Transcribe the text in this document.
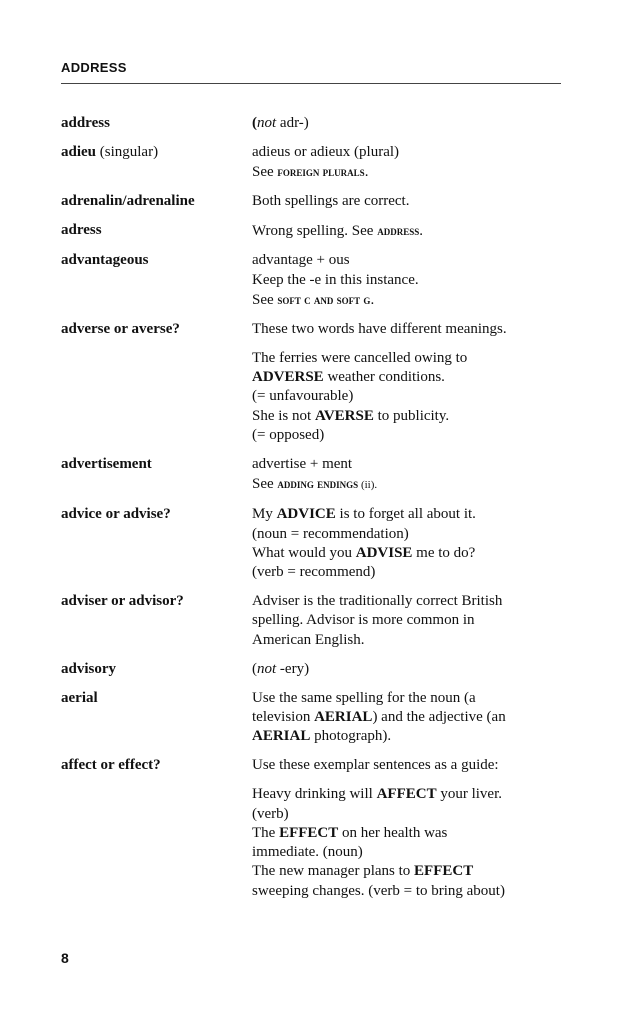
ADDRESS
address	(not adr-)
adieu (singular)	adieus or adieux (plural)
See foreign plurals.
adrenalin/adrenaline	Both spellings are correct.
adress	Wrong spelling. See address.
advantageous	advantage + ous
Keep the -e in this instance.
See soft c and soft g.
adverse or averse?	These two words have different meanings.
The ferries were cancelled owing to
ADVERSE weather conditions.
(= unfavourable)
She is not AVERSE to publicity.
(= opposed)
advertisement	advertise + ment
See adding endings (ii).
advice or advise?	My ADVICE is to forget all about it.
(noun = recommendation)
What would you ADVISE me to do?
(verb = recommend)
adviser or advisor?	Adviser is the traditionally correct British
spelling. Advisor is more common in
American English.
advisory	(not -ery)
aerial	Use the same spelling for the noun (a
television AERIAL) and the adjective (an
AERIAL photograph).
affect or effect?	Use these exemplar sentences as a guide:
Heavy drinking will AFFECT your liver.
(verb)
The EFFECT on her health was
immediate. (noun)
The new manager plans to EFFECT
sweeping changes. (verb = to bring about)
8
